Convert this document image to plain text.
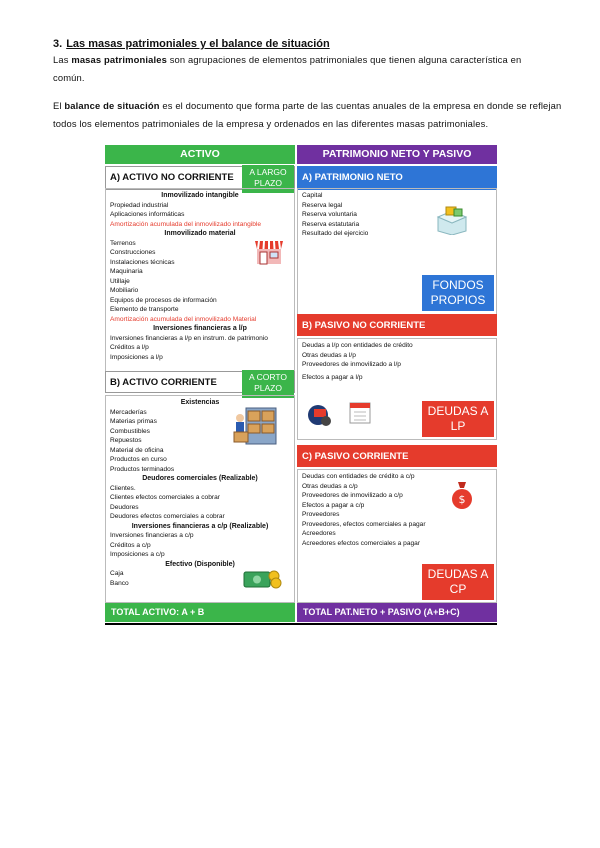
3. Las masas patrimoniales y el balance de situación
Las masas patrimoniales son agrupaciones de elementos patrimoniales que tienen alguna característica en común.
El balance de situación es el documento que forma parte de las cuentas anuales de la empresa en donde se reflejan todos los elementos patrimoniales de la empresa y ordenados en las diferentes masas patrimoniales.
ACTIVO
A) ACTIVO NO CORRIENTE	A LARGO PLAZO
Inmovilizado intangible
Propiedad industrial
Aplicaciones informáticas
Amortización acumulada del inmovilizado intangible
Inmovilizado material
Terrenos
Construcciones
Instalaciones técnicas
Maquinaria
Utillaje
Mobiliario
Equipos de procesos de información
Elemento de transporte
Amortización acumulada del inmovilizado Material
Inversiones financieras a l/p
Inversiones financieras a l/p en instrum. de patrimonio
Créditos a l/p
Imposiciones a l/p
B) ACTIVO CORRIENTE	A CORTO PLAZO
Existencias
Mercaderías
Materias primas
Combustibles
Repuestos
Material de oficina
Productos en curso
Productos terminados
Deudores comerciales (Realizable)
Clientes.
Clientes efectos comerciales a cobrar
Deudores
Deudores efectos comerciales a cobrar
Inversiones financieras a c/p (Realizable)
Inversiones financieras a c/p
Créditos a c/p
Imposiciones a c/p
Efectivo (Disponible)
Caja
Banco
TOTAL ACTIVO: A + B
PATRIMONIO NETO Y PASIVO
A) PATRIMONIO NETO
Capital
Reserva legal
Reserva voluntaria
Reserva estatutaria
Resultado del ejercicio
FONDOS PROPIOS
B) PASIVO NO CORRIENTE
Deudas a l/p con entidades de crédito
Otras deudas a l/p
Proveedores de inmovilizado a l/p
Efectos a pagar a l/p
DEUDAS A LP
C) PASIVO CORRIENTE
Deudas con entidades de crédito a c/p
Otras deudas a c/p
Proveedores de inmovilizado a c/p
Efectos a pagar a c/p
Proveedores
Proveedores, efectos comerciales a pagar
Acreedores
Acreedores efectos comerciales a pagar
$
DEUDAS A CP
TOTAL PAT.NETO + PASIVO (A+B+C)
